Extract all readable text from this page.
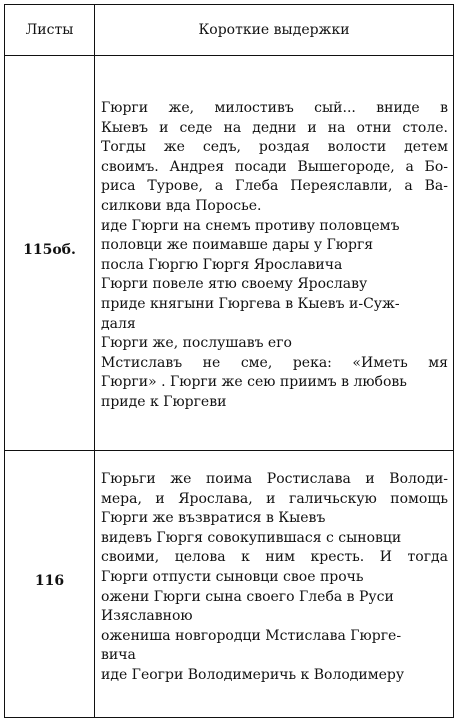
Листы	Короткие выдержки
115об.
Гюрги же, милостивъ сый... вниде в
Кыевъ и седе на дедни и на отни столе.
Тогды же седъ, роздая волости детем
своимъ. Андрея посади Вышегороде, а Бо-
риса Турове, а Глеба Переяславли, а Ва-
силкови вда Поросье.
иде Гюрги на снемъ противу половцемъ
половци же поимавше дары у Гюргя
посла Гюргю Гюргя Ярославича
Гюрги повеле ятю своему Ярославу
приде княгыни Гюргева в Кыевъ и-Суж-
даля
Гюрги же, послушавъ его
Мстиславъ не сме, река: «Иметь мя
Гюрги» . Гюрги же сею приимъ в любовь
приде к Гюргеви
116
Гюрьги же поима Ростислава и Володи-
мера, и Ярослава, и галичьскую помощь
Гюрги же възвратися в Кыевъ
видевъ Гюргя совокупившася с сыновци
своими, целова к ним кресть. И тогда
Гюрги отпусти сыновци свое прочь
ожени Гюрги сына своего Глеба в Руси
Изяславною
оженишa новгородци Мстислава Гюрге-
вича
иде Геогри Володимеричь к Володимеру
